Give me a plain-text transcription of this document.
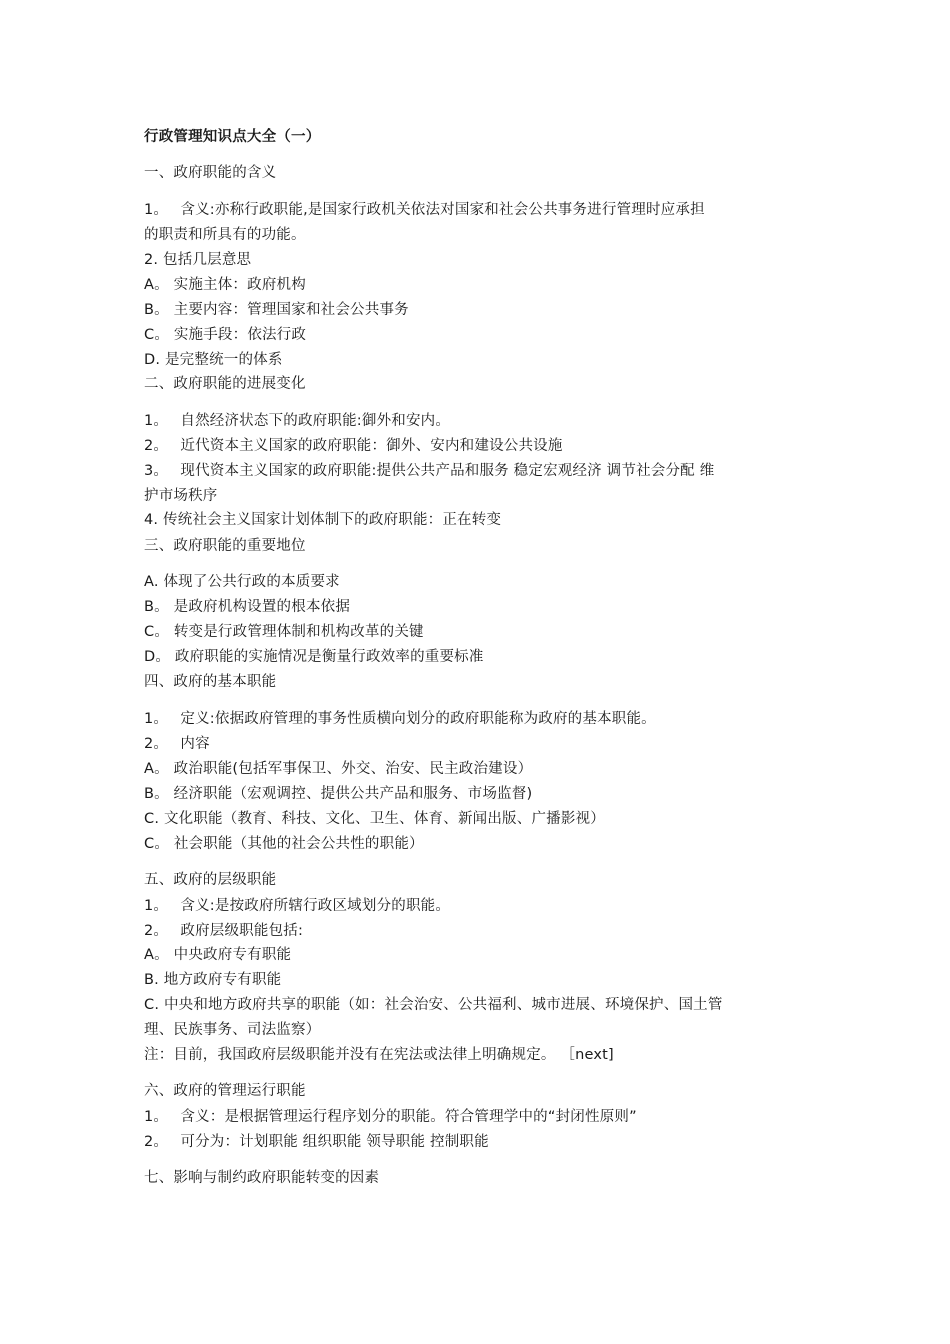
行政管理知识点大全（一）
一、政府职能的含义
1。　 含义:亦称行政职能,是国家行政机关依法对国家和社会公共事务进行管理时应承担
的职责和所具有的功能。
2. 包括几层意思
A。 实施主体：政府机构
B。 主要内容：管理国家和社会公共事务
C。 实施手段：依法行政
D. 是完整统一的体系
二、政府职能的进展变化
1。　 自然经济状态下的政府职能:御外和安内。
2。　 近代资本主义国家的政府职能：御外、安内和建设公共设施
3。　 现代资本主义国家的政府职能:提供公共产品和服务 稳定宏观经济 调节社会分配 维
护市场秩序
4. 传统社会主义国家计划体制下的政府职能：正在转变
三、政府职能的重要地位
A. 体现了公共行政的本质要求
B。 是政府机构设置的根本依据
C。 转变是行政管理体制和机构改革的关键
D。 政府职能的实施情况是衡量行政效率的重要标准
四、政府的基本职能
1。　 定义:依据政府管理的事务性质横向划分的政府职能称为政府的基本职能。
2。　 内容
A。 政治职能(包括军事保卫、外交、治安、民主政治建设）
B。 经济职能（宏观调控、提供公共产品和服务、市场监督)
C. 文化职能（教育、科技、文化、卫生、体育、新闻出版、广播影视）
C。 社会职能（其他的社会公共性的职能）
五、政府的层级职能
1。　 含义:是按政府所辖行政区域划分的职能。
2。　 政府层级职能包括:
A。 中央政府专有职能
B. 地方政府专有职能
C. 中央和地方政府共享的职能（如：社会治安、公共福利、城市进展、环境保护、国土管
理、民族事务、司法监察）
注：目前，我国政府层级职能并没有在宪法或法律上明确规定。 ［next]
六、政府的管理运行职能
1。　 含义：是根据管理运行程序划分的职能。符合管理学中的“封闭性原则”
2。　 可分为：计划职能 组织职能 领导职能 控制职能
七、影响与制约政府职能转变的因素
